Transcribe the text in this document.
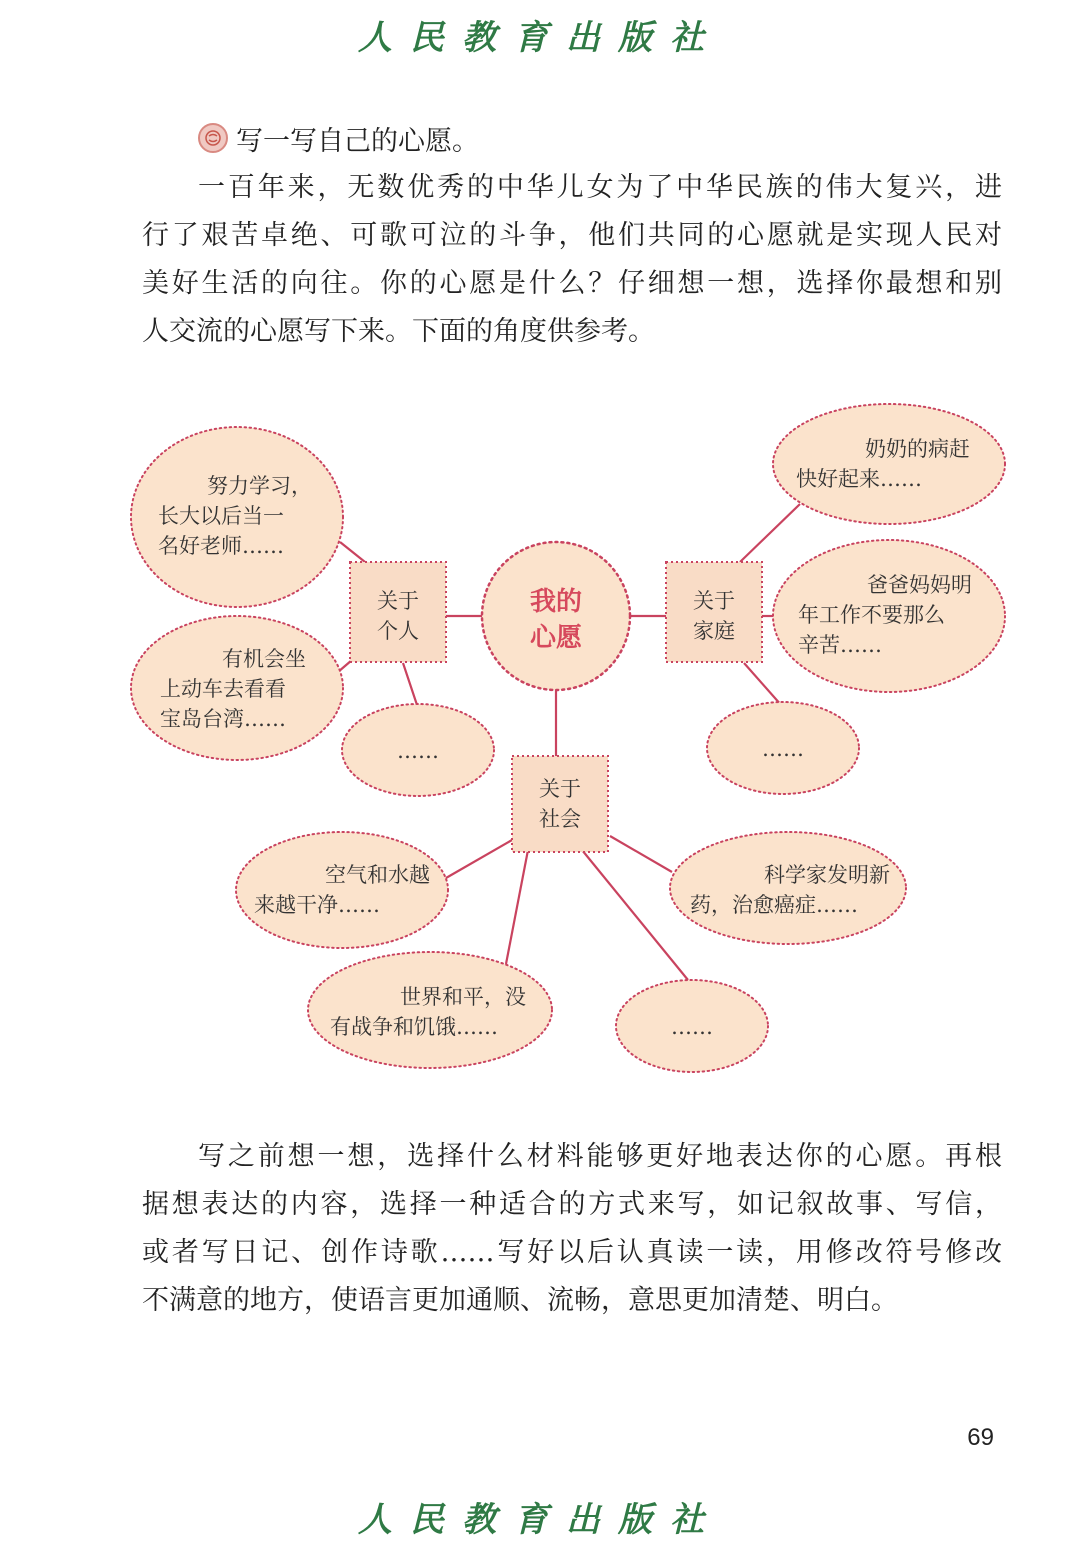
人民教育出版社
写一写自己的心愿。
一百年来，无数优秀的中华儿女为了中华民族的伟大复兴，进
行了艰苦卓绝、可歌可泣的斗争，他们共同的心愿就是实现人民对
美好生活的向往。你的心愿是什么？仔细想一想，选择你最想和别
人交流的心愿写下来。下面的角度供参考。
我的
心愿
关于
个人
关于
家庭
关于
社会
努力学习，
长大以后当一
名好老师……
有机会坐
上动车去看看
宝岛台湾……
……
奶奶的病赶
快好起来……
爸爸妈妈明
年工作不要那么
辛苦……
……
空气和水越
来越干净……
科学家发明新
药，治愈癌症……
世界和平，没
有战争和饥饿……	……
写之前想一想，选择什么材料能够更好地表达你的心愿。再根
据想表达的内容，选择一种适合的方式来写，如记叙故事、写信，
或者写日记、创作诗歌……写好以后认真读一读，用修改符号修改
不满意的地方，使语言更加通顺、流畅，意思更加清楚、明白。
69
人民教育出版社
